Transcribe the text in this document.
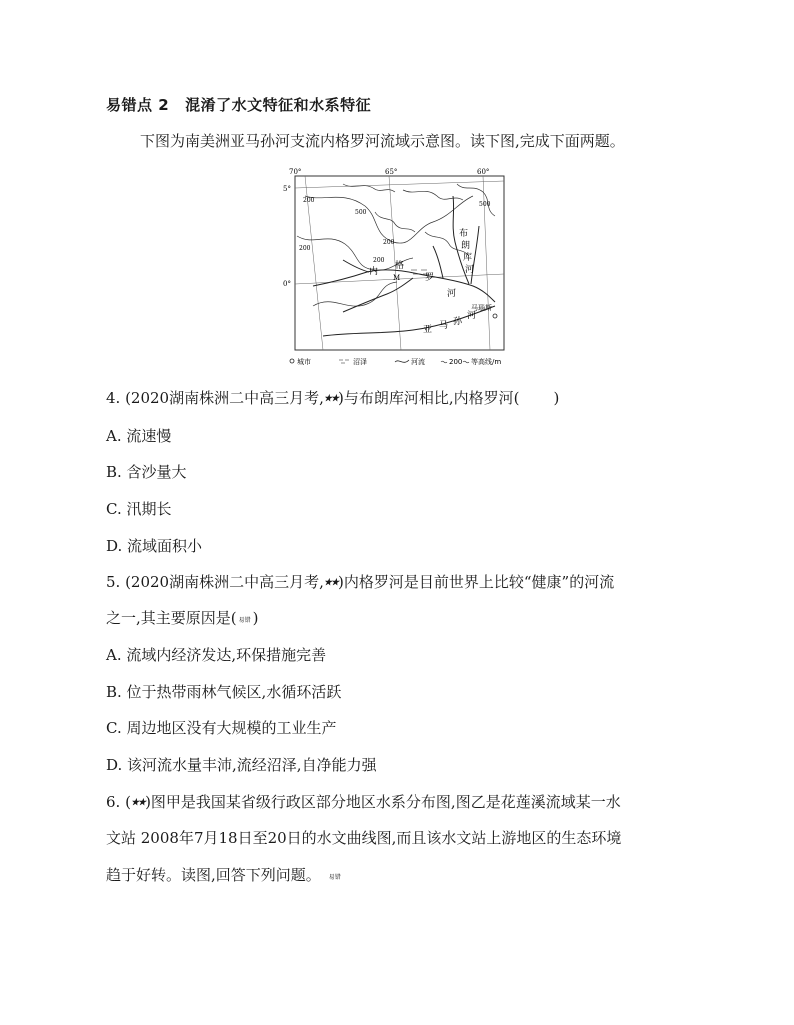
易错点 2 混淆了水文特征和水系特征
下图为南美洲亚马孙河支流内格罗河流域示意图。读下图,完成下面两题。
70°	65°	60°
5°
0°
内
格
罗
河
布
朗
库
河
亚 马 孙
河
200
500
200
200
200
500
M
马瑙斯
城市	沼泽	河流	200 等高线/m
4. (2020湖南株洲二中高三月考,★★)与布朗库河相比,内格罗河( )
A. 流速慢
B. 含沙量大
C. 汛期长
D. 流域面积小
5. (2020湖南株洲二中高三月考,★★)内格罗河是目前世界上比较“健康”的河流
之一,其主要原因是( 易错 )
A. 流域内经济发达,环保措施完善
B. 位于热带雨林气候区,水循环活跃
C. 周边地区没有大规模的工业生产
D. 该河流水量丰沛,流经沼泽,自净能力强
6. (★★)图甲是我国某省级行政区部分地区水系分布图,图乙是花莲溪流域某一水
文站 2008年7月18日至20日的水文曲线图,而且该水文站上游地区的生态环境
趋于好转。读图,回答下列问题。 易错
